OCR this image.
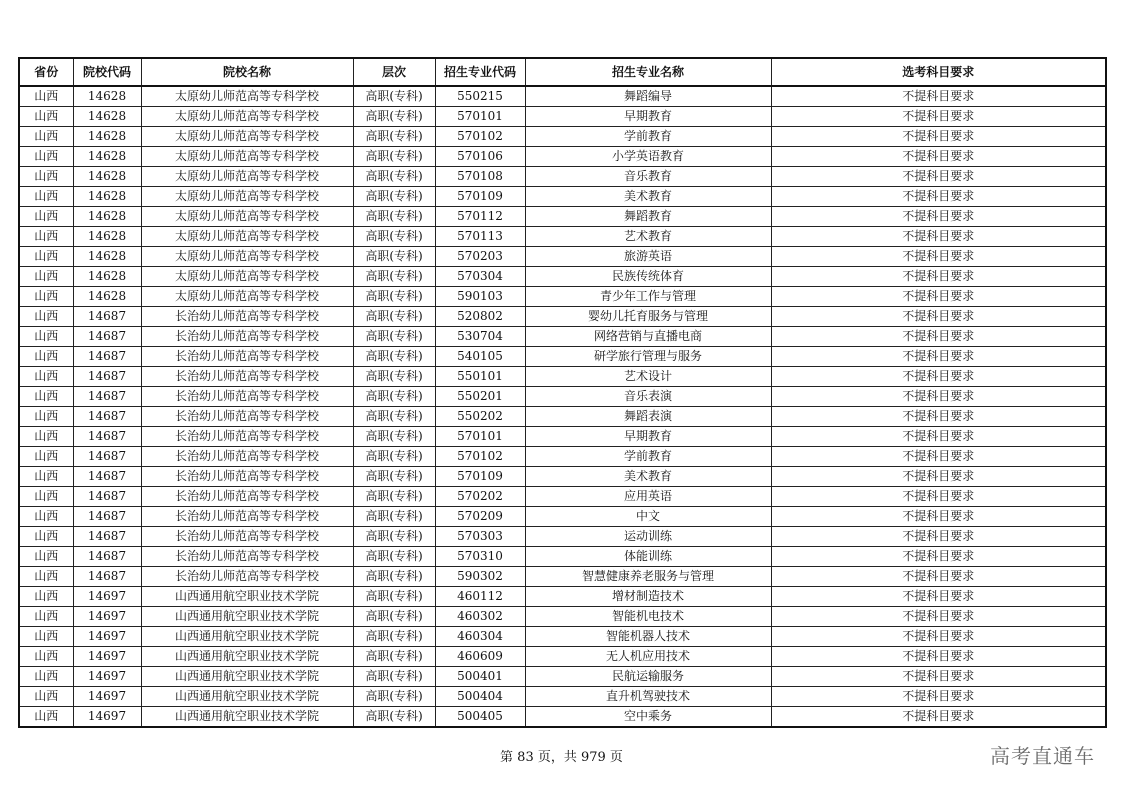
省份	院校代码	院校名称	层次	招生专业代码	招生专业名称	选考科目要求
山西	14628	太原幼儿师范高等专科学校	高职(专科)	550215	舞蹈编导	不提科目要求
山西	14628	太原幼儿师范高等专科学校	高职(专科)	570101	早期教育	不提科目要求
山西	14628	太原幼儿师范高等专科学校	高职(专科)	570102	学前教育	不提科目要求
山西	14628	太原幼儿师范高等专科学校	高职(专科)	570106	小学英语教育	不提科目要求
山西	14628	太原幼儿师范高等专科学校	高职(专科)	570108	音乐教育	不提科目要求
山西	14628	太原幼儿师范高等专科学校	高职(专科)	570109	美术教育	不提科目要求
山西	14628	太原幼儿师范高等专科学校	高职(专科)	570112	舞蹈教育	不提科目要求
山西	14628	太原幼儿师范高等专科学校	高职(专科)	570113	艺术教育	不提科目要求
山西	14628	太原幼儿师范高等专科学校	高职(专科)	570203	旅游英语	不提科目要求
山西	14628	太原幼儿师范高等专科学校	高职(专科)	570304	民族传统体育	不提科目要求
山西	14628	太原幼儿师范高等专科学校	高职(专科)	590103	青少年工作与管理	不提科目要求
山西	14687	长治幼儿师范高等专科学校	高职(专科)	520802	婴幼儿托育服务与管理	不提科目要求
山西	14687	长治幼儿师范高等专科学校	高职(专科)	530704	网络营销与直播电商	不提科目要求
山西	14687	长治幼儿师范高等专科学校	高职(专科)	540105	研学旅行管理与服务	不提科目要求
山西	14687	长治幼儿师范高等专科学校	高职(专科)	550101	艺术设计	不提科目要求
山西	14687	长治幼儿师范高等专科学校	高职(专科)	550201	音乐表演	不提科目要求
山西	14687	长治幼儿师范高等专科学校	高职(专科)	550202	舞蹈表演	不提科目要求
山西	14687	长治幼儿师范高等专科学校	高职(专科)	570101	早期教育	不提科目要求
山西	14687	长治幼儿师范高等专科学校	高职(专科)	570102	学前教育	不提科目要求
山西	14687	长治幼儿师范高等专科学校	高职(专科)	570109	美术教育	不提科目要求
山西	14687	长治幼儿师范高等专科学校	高职(专科)	570202	应用英语	不提科目要求
山西	14687	长治幼儿师范高等专科学校	高职(专科)	570209	中文	不提科目要求
山西	14687	长治幼儿师范高等专科学校	高职(专科)	570303	运动训练	不提科目要求
山西	14687	长治幼儿师范高等专科学校	高职(专科)	570310	体能训练	不提科目要求
山西	14687	长治幼儿师范高等专科学校	高职(专科)	590302	智慧健康养老服务与管理	不提科目要求
山西	14697	山西通用航空职业技术学院	高职(专科)	460112	增材制造技术	不提科目要求
山西	14697	山西通用航空职业技术学院	高职(专科)	460302	智能机电技术	不提科目要求
山西	14697	山西通用航空职业技术学院	高职(专科)	460304	智能机器人技术	不提科目要求
山西	14697	山西通用航空职业技术学院	高职(专科)	460609	无人机应用技术	不提科目要求
山西	14697	山西通用航空职业技术学院	高职(专科)	500401	民航运输服务	不提科目要求
山西	14697	山西通用航空职业技术学院	高职(专科)	500404	直升机驾驶技术	不提科目要求
山西	14697	山西通用航空职业技术学院	高职(专科)	500405	空中乘务	不提科目要求
第 83 页，共 979 页	高考直通车
